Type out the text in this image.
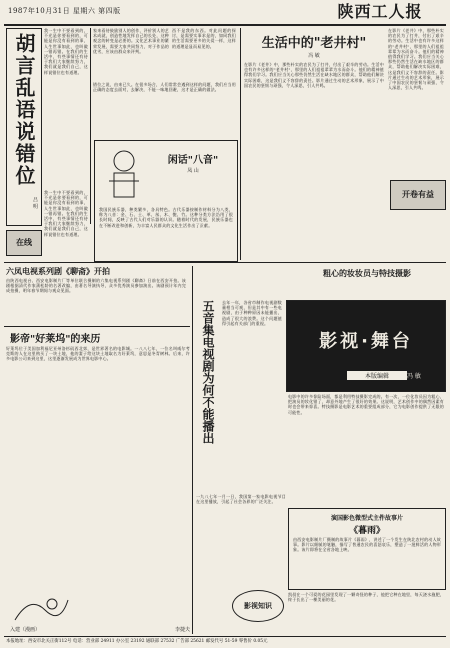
1987年10月31日 星期六 第四版	陕西工人报
胡言乱语说错位
吕 明
我一生中不要看到的，不光是你要看到的，可能是你没有看到的事，人生世事如此，也叫做一错再错。在我们的生活中，有些事情还有待于我们大家继续努力，我们就是我们自己，这样说错位也有道理。
家来看待鼓励别人的创作，评价别人的艺术成就，创造性地发挥自己的长处，这种观念的转变是必要的。文化艺术事业的繁荣发展，需要大家共同努力，对于作品的优劣，应该由群众来评判。
西不是我的东西。对此问题的探讨，是需要实事求是的，如同我们的生活需要更多的关爱一样，这样的道理是显而易见的。
错位之说，由来已久。在很多场合，人们常常会遇到这样的问题，我们应当用正确的态度去面对，去解决，不能一味地回避，这才是正确的做法。
在线
我一生中不要看到的，不光是你要看到的，可能是你没有看到的事，人生世事如此，也叫做一错再错。在我们的生活中，有些事情还有待于我们大家继续努力，我们就是我们自己，这样说错位也有道理。
闲话"八音"
凤 山
我国民族乐器，种类繁多，各具特色。古代乐器按制作材料分为八类，称为八音：金、石、土、革、丝、木、匏、竹。这种分类方法沿用了很长时间，反映了古代人们对乐器的认识。随着时代的发展，民族乐器也在不断改进和创新，为丰富人民群众的文化生活作出了贡献。
生活中的"老井村"
冯 敏
在影片《老井》中，那些朴实的农民为了打井，付出了艰辛的劳动。生活中也有许多这样的"老井村"，那里的人们祖祖辈辈为水而奋斗。他们的精神值得我们学习。我们应当关心那些仍然生活在缺水地区的群众，帮助他们解决实际困难，这是我们义不容辞的责任。影片通过生动的艺术形象，展示了中国农民的坚韧与顽强，令人深思，引人共鸣。
开卷有益
在影片《老井》中，那些朴实的农民为了打井，付出了艰辛的劳动。生活中也有许多这样的"老井村"，那里的人们祖祖辈辈为水而奋斗。他们的精神值得我们学习。我们应当关心那些仍然生活在缺水地区的群众，帮助他们解决实际困难，这是我们义不容辞的责任。影片通过生动的艺术形象，展示了中国农民的坚韧与顽强，令人深思，引人共鸣。
六凤电视系列剧《聊斋》开拍
由陕西电视台、西安电影制片厂等单位联合摄制的六集电视系列剧《聊斋》日前在西安开拍。该剧根据清代作家蒲松龄的名著改编，由著名导演执导，众多优秀演员参加演出。该剧预计年内完成拍摄，明年春节期间与观众见面。
影帝"好莱坞"的来历
好莱坞位于美国加利福尼亚州洛杉矶西北郊，是世界著名的电影城。一八八七年，一位名叫威尔考克斯的人在这里购买了一块土地，他的妻子给这块土地取名为好莱坞，意思是冬青树林。后来，许多电影公司来到这里，这里逐渐发展成为世界电影中心。
入建（漫画）	李捷夫
五音集电视剧为何不能播出	去年一年，各省市制作电视剧数量相当可观，但是其中有一些电视剧，由于种种原因未能播出，造成了很大的浪费。这个问题值得引起有关部门的重视。
影视·舞台
本版编辑	冯 敏
一九八七年一月一日，我国第一家电影电视节目在这里播放，引起了社会各界的广泛关注。
粗心的妆妆员与特技摄影
电影中的许多惊险场面，都是利用特技摄影完成的。有一次，一位化妆员因为粗心，把演员的妆化错了，却意外地产生了很好的效果。这说明，艺术创作中的偶然因素有时也会带来惊喜。特技摄影是电影艺术的重要组成部分，它为电影创作提供了无限的可能性。
演国影色微型式主件故事片
《暮雨》
由西安电影制片厂摄制的故事片《暮雨》，讲述了一个发生在陕北农村的动人故事。影片以细腻的笔触，描写了普通农民的喜怒哀乐，塑造了一批鲜活的人物形象。该片即将在全省各地上映。
影视知识
凯叔在一个可爱的花园里发现了一颗奇怪的种子，他把它种在地里，每天浇水施肥，终于长出了一棵美丽的花。
本报地址：西安市北关正街112号 电话：营业部 24911 办公室 23192 通联部 27532 广告部 25621 邮发代号 51-59 零售价 0.05元
